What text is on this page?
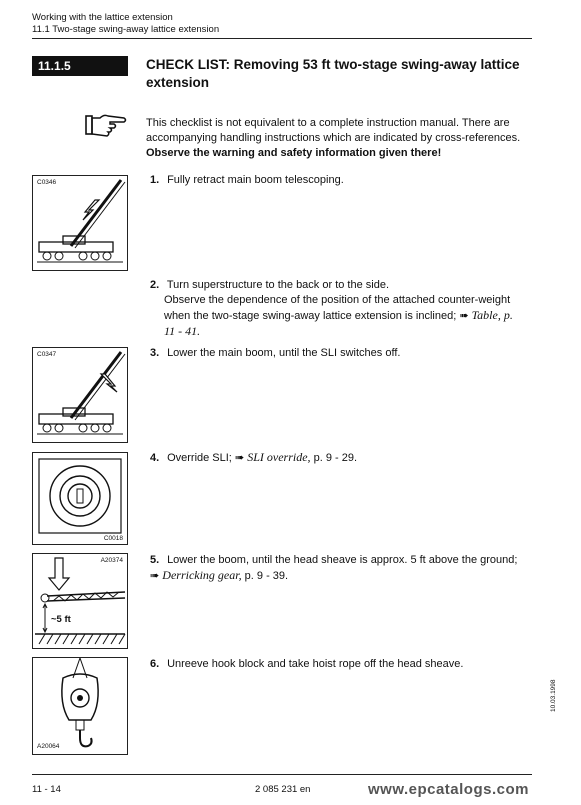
Working with the lattice extension
11.1 Two-stage swing-away lattice extension
11.1.5	CHECK LIST: Removing 53 ft two-stage swing-away lattice extension
This checklist is not equivalent to a complete instruction manual. There are accompanying handling instructions which are indicated by cross-references. Observe the warning and safety information given there!
C0346	1. Fully retract main boom telescoping.
2. Turn superstructure to the back or to the side.
Observe the dependence of the position of the attached counter-weight when the two-stage swing-away lattice extension is inclined; ➠ Table, p. 11 - 41.
C0347	3. Lower the main boom, until the SLI switches off.
C0018
4. Override SLI; ➠ SLI override, p. 9 - 29.
A20374
~5 ft
5. Lower the boom, until the head sheave is approx. 5 ft above the ground; ➠ Derricking gear, p. 9 - 39.
A20064
6. Unreeve hook block and take hoist rope off the head sheave.
10.03.1998
11 - 14	2 085 231 en	www.epcatalogs.com
